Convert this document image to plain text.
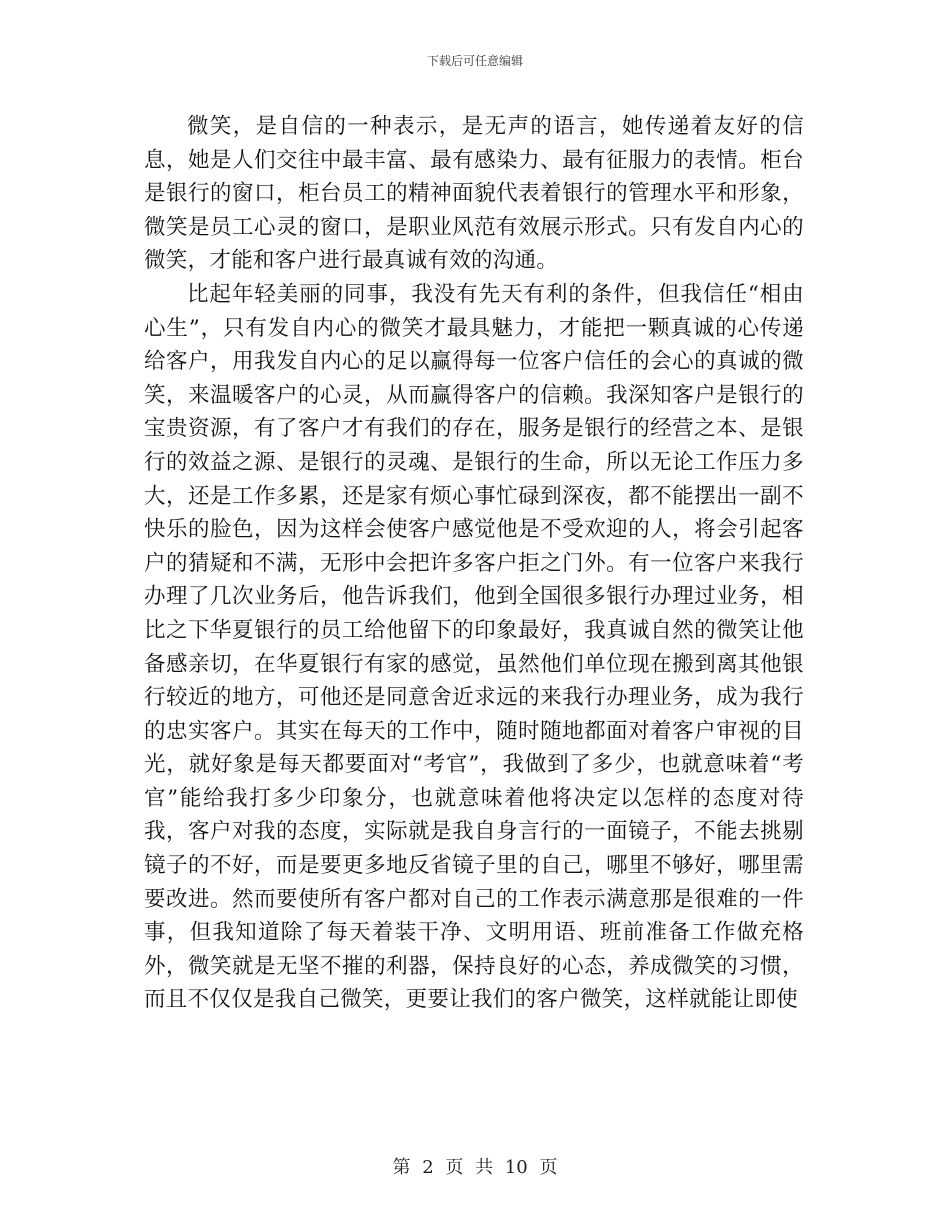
下载后可任意编辑

微笑，是自信的一种表示，是无声的语言，她传递着友好的信息，她是人们交往中最丰富、最有感染力、最有征服力的表情。柜台是银行的窗口，柜台员工的精神面貌代表着银行的管理水平和形象，微笑是员工心灵的窗口，是职业风范有效展示形式。只有发自内心的微笑，才能和客户进行最真诚有效的沟通。

比起年轻美丽的同事，我没有先天有利的条件，但我信任“相由心生”，只有发自内心的微笑才最具魅力，才能把一颗真诚的心传递给客户，用我发自内心的足以赢得每一位客户信任的会心的真诚的微笑，来温暖客户的心灵，从而赢得客户的信赖。我深知客户是银行的宝贵资源，有了客户才有我们的存在，服务是银行的经营之本、是银行的效益之源、是银行的灵魂、是银行的生命，所以无论工作压力多大，还是工作多累，还是家有烦心事忙碌到深夜，都不能摆出一副不快乐的脸色，因为这样会使客户感觉他是不受欢迎的人，将会引起客户的猜疑和不满，无形中会把许多客户拒之门外。有一位客户来我行办理了几次业务后，他告诉我们，他到全国很多银行办理过业务，相比之下华夏银行的员工给他留下的印象最好，我真诚自然的微笑让他备感亲切，在华夏银行有家的感觉，虽然他们单位现在搬到离其他银行较近的地方，可他还是同意舍近求远的来我行办理业务，成为我行的忠实客户。其实在每天的工作中，随时随地都面对着客户审视的目光，就好象是每天都要面对“考官”，我做到了多少，也就意味着“考官”能给我打多少印象分，也就意味着他将决定以怎样的态度对待我，客户对我的态度，实际就是我自身言行的一面镜子，不能去挑剔镜子的不好，而是要更多地反省镜子里的自己，哪里不够好，哪里需要改进。然而要使所有客户都对自己的工作表示满意那是很难的一件事，但我知道除了每天着装干净、文明用语、班前准备工作做充格外，微笑就是无坚不摧的利器，保持良好的心态，养成微笑的习惯，而且不仅仅是我自己微笑，更要让我们的客户微笑，这样就能让即使

第 2 页 共 10 页
